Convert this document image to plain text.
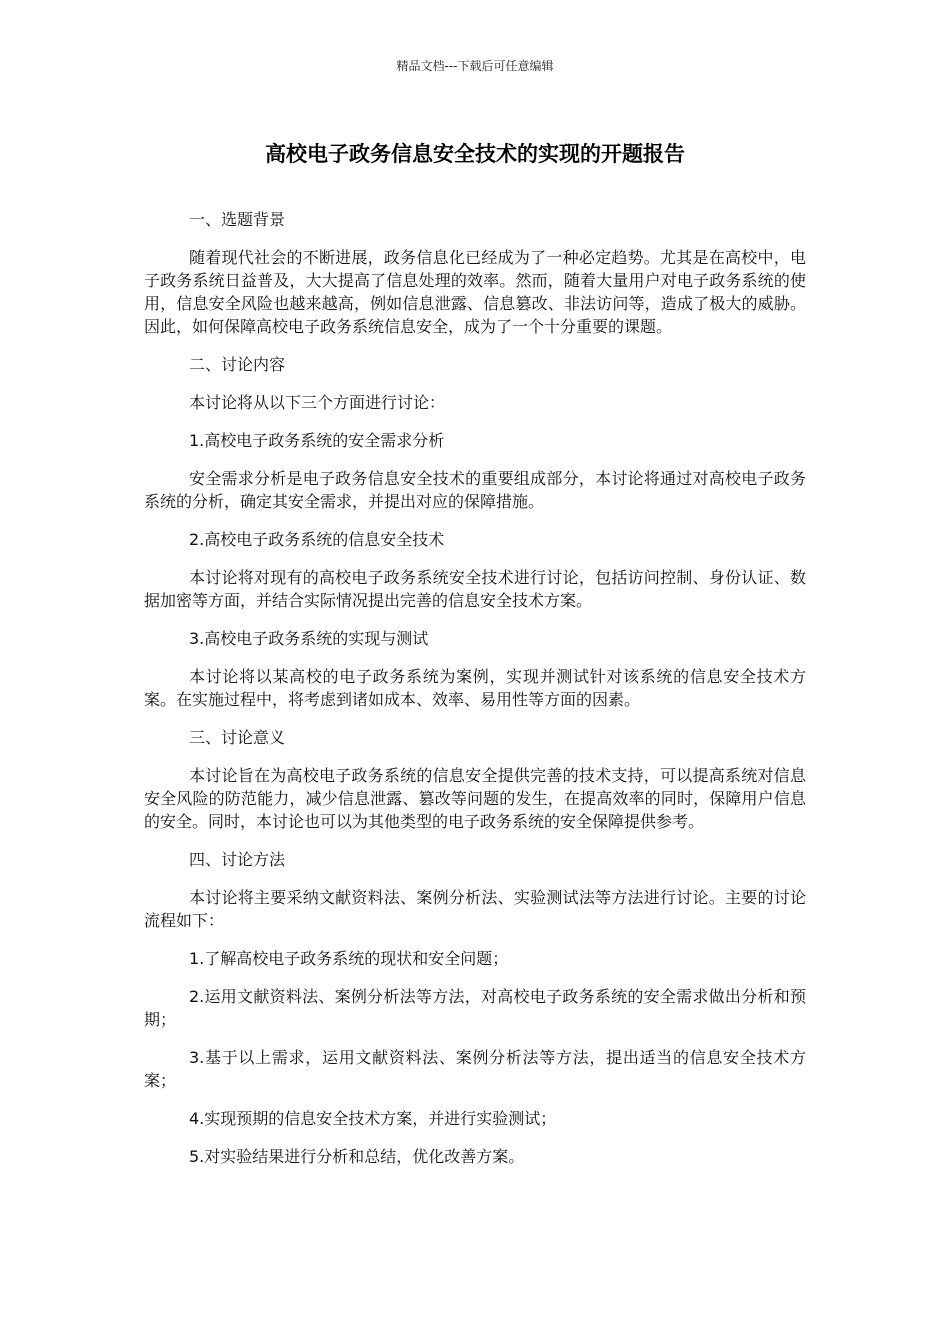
精品文档---下载后可任意编辑
高校电子政务信息安全技术的实现的开题报告

一、选题背景

随着现代社会的不断进展，政务信息化已经成为了一种必定趋势。尤其是在高校中，电子政务系统日益普及，大大提高了信息处理的效率。然而，随着大量用户对电子政务系统的使用，信息安全风险也越来越高，例如信息泄露、信息篡改、非法访问等，造成了极大的威胁。因此，如何保障高校电子政务系统信息安全，成为了一个十分重要的课题。

二、讨论内容

本讨论将从以下三个方面进行讨论：

1.高校电子政务系统的安全需求分析

安全需求分析是电子政务信息安全技术的重要组成部分，本讨论将通过对高校电子政务系统的分析，确定其安全需求，并提出对应的保障措施。

2.高校电子政务系统的信息安全技术

本讨论将对现有的高校电子政务系统安全技术进行讨论，包括访问控制、身份认证、数据加密等方面，并结合实际情况提出完善的信息安全技术方案。

3.高校电子政务系统的实现与测试

本讨论将以某高校的电子政务系统为案例，实现并测试针对该系统的信息安全技术方案。在实施过程中，将考虑到诸如成本、效率、易用性等方面的因素。

三、讨论意义

本讨论旨在为高校电子政务系统的信息安全提供完善的技术支持，可以提高系统对信息安全风险的防范能力，减少信息泄露、篡改等问题的发生，在提高效率的同时，保障用户信息的安全。同时，本讨论也可以为其他类型的电子政务系统的安全保障提供参考。

四、讨论方法

本讨论将主要采纳文献资料法、案例分析法、实验测试法等方法进行讨论。主要的讨论流程如下：

1.了解高校电子政务系统的现状和安全问题；

2.运用文献资料法、案例分析法等方法，对高校电子政务系统的安全需求做出分析和预期；

3.基于以上需求，运用文献资料法、案例分析法等方法，提出适当的信息安全技术方案；

4.实现预期的信息安全技术方案，并进行实验测试；

5.对实验结果进行分析和总结，优化改善方案。
